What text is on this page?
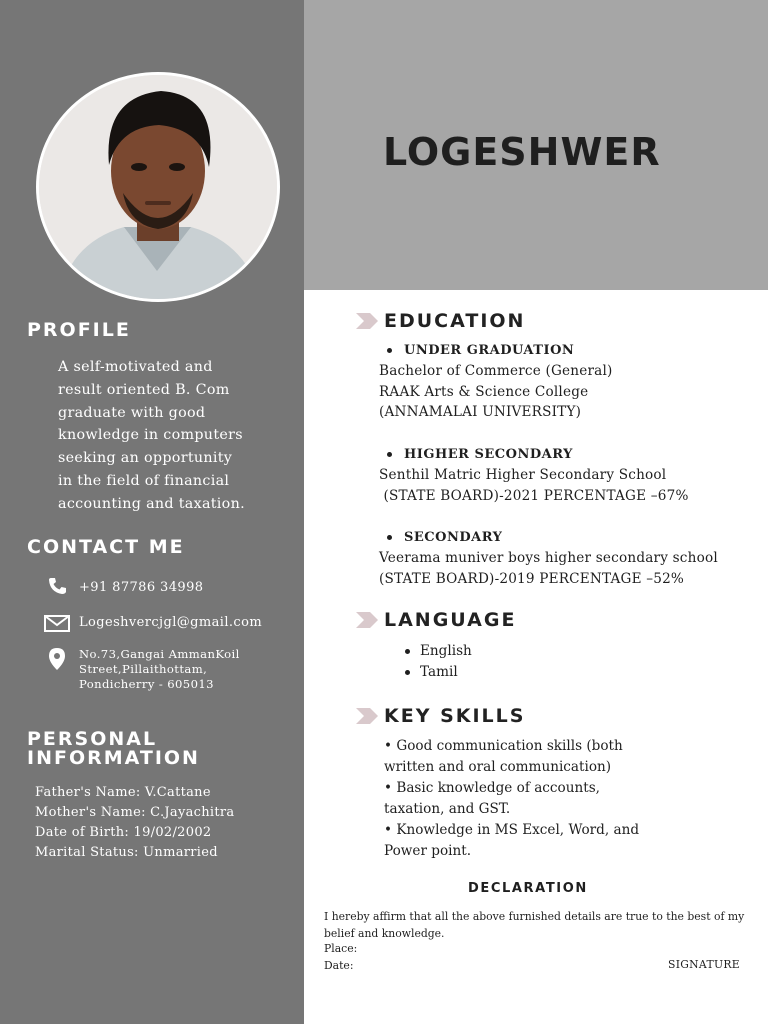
LOGESHWER
PROFILE
A self-motivated and
result oriented B. Com
graduate with good
knowledge in computers
seeking an opportunity
in the field of financial
accounting and taxation.
CONTACT ME
+91 87786 34998
Logeshvercjgl@gmail.com
No.73,Gangai AmmanKoil
Street,Pillaithottam,
Pondicherry - 605013
PERSONAL
INFORMATION
Father's Name: V.Cattane
Mother's Name: C.Jayachitra
Date of Birth: 19/02/2002
Marital Status: Unmarried
EDUCATION
UNDER GRADUATION
Bachelor of Commerce (General)
RAAK Arts & Science College
(ANNAMALAI UNIVERSITY)
HIGHER SECONDARY
Senthil Matric Higher Secondary School
(STATE BOARD)-2021 PERCENTAGE –67%
SECONDARY
Veerama muniver boys higher secondary school
(STATE BOARD)-2019 PERCENTAGE –52%
LANGUAGE
English
Tamil
KEY SKILLS
• Good communication skills (both
written and oral communication)
• Basic knowledge of accounts,
taxation, and GST.
• Knowledge in MS Excel, Word, and
Power point.
DECLARATION
I hereby affirm that all the above furnished details are true to the best of my belief and knowledge.
Place:
Date:	SIGNATURE
